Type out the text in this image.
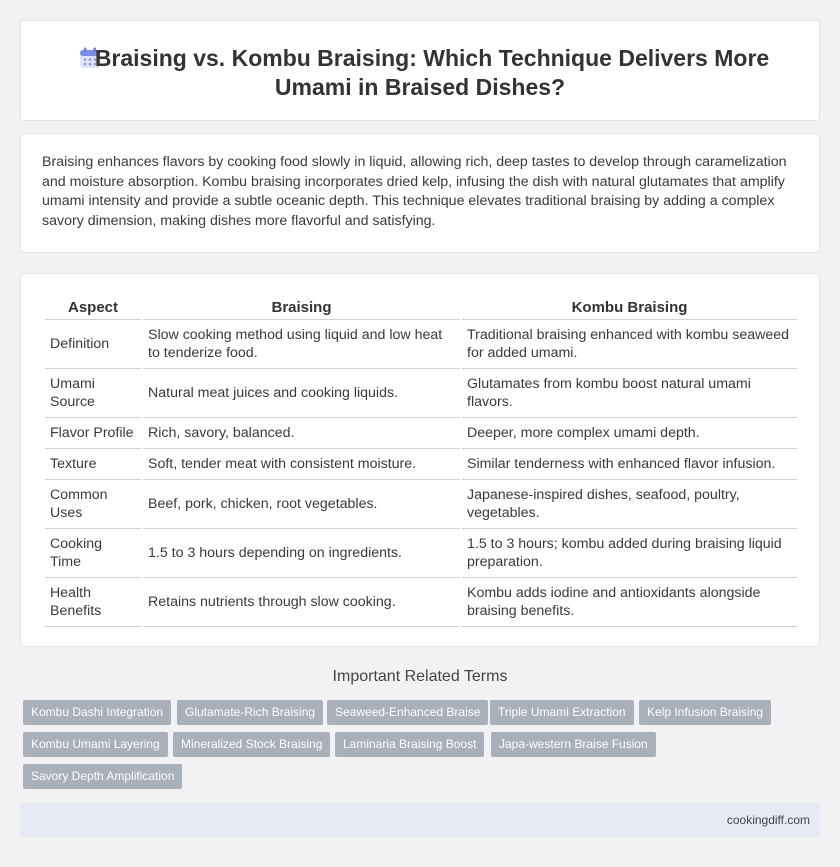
Braising vs. Kombu Braising: Which Technique Delivers More Umami in Braised Dishes?

Braising enhances flavors by cooking food slowly in liquid, allowing rich, deep tastes to develop through caramelization and moisture absorption. Kombu braising incorporates dried kelp, infusing the dish with natural glutamates that amplify umami intensity and provide a subtle oceanic depth. This technique elevates traditional braising by adding a complex savory dimension, making dishes more flavorful and satisfying.

Aspect	Braising	Kombu Braising
Definition	Slow cooking method using liquid and low heat to tenderize food.	Traditional braising enhanced with kombu seaweed for added umami.
Umami Source	Natural meat juices and cooking liquids.	Glutamates from kombu boost natural umami flavors.
Flavor Profile	Rich, savory, balanced.	Deeper, more complex umami depth.
Texture	Soft, tender meat with consistent moisture.	Similar tenderness with enhanced flavor infusion.
Common Uses	Beef, pork, chicken, root vegetables.	Japanese-inspired dishes, seafood, poultry, vegetables.
Cooking Time	1.5 to 3 hours depending on ingredients.	1.5 to 3 hours; kombu added during braising liquid preparation.
Health Benefits	Retains nutrients through slow cooking.	Kombu adds iodine and antioxidants alongside braising benefits.
Important Related Terms
Kombu Dashi Integration	Glutamate-Rich Braising	Seaweed-Enhanced Braise	Triple Umami Extraction	Kelp Infusion Braising
Kombu Umami Layering	Mineralized Stock Braising	Laminaria Braising Boost	Japa-western Braise Fusion
Savory Depth Amplification
cookingdiff.com
